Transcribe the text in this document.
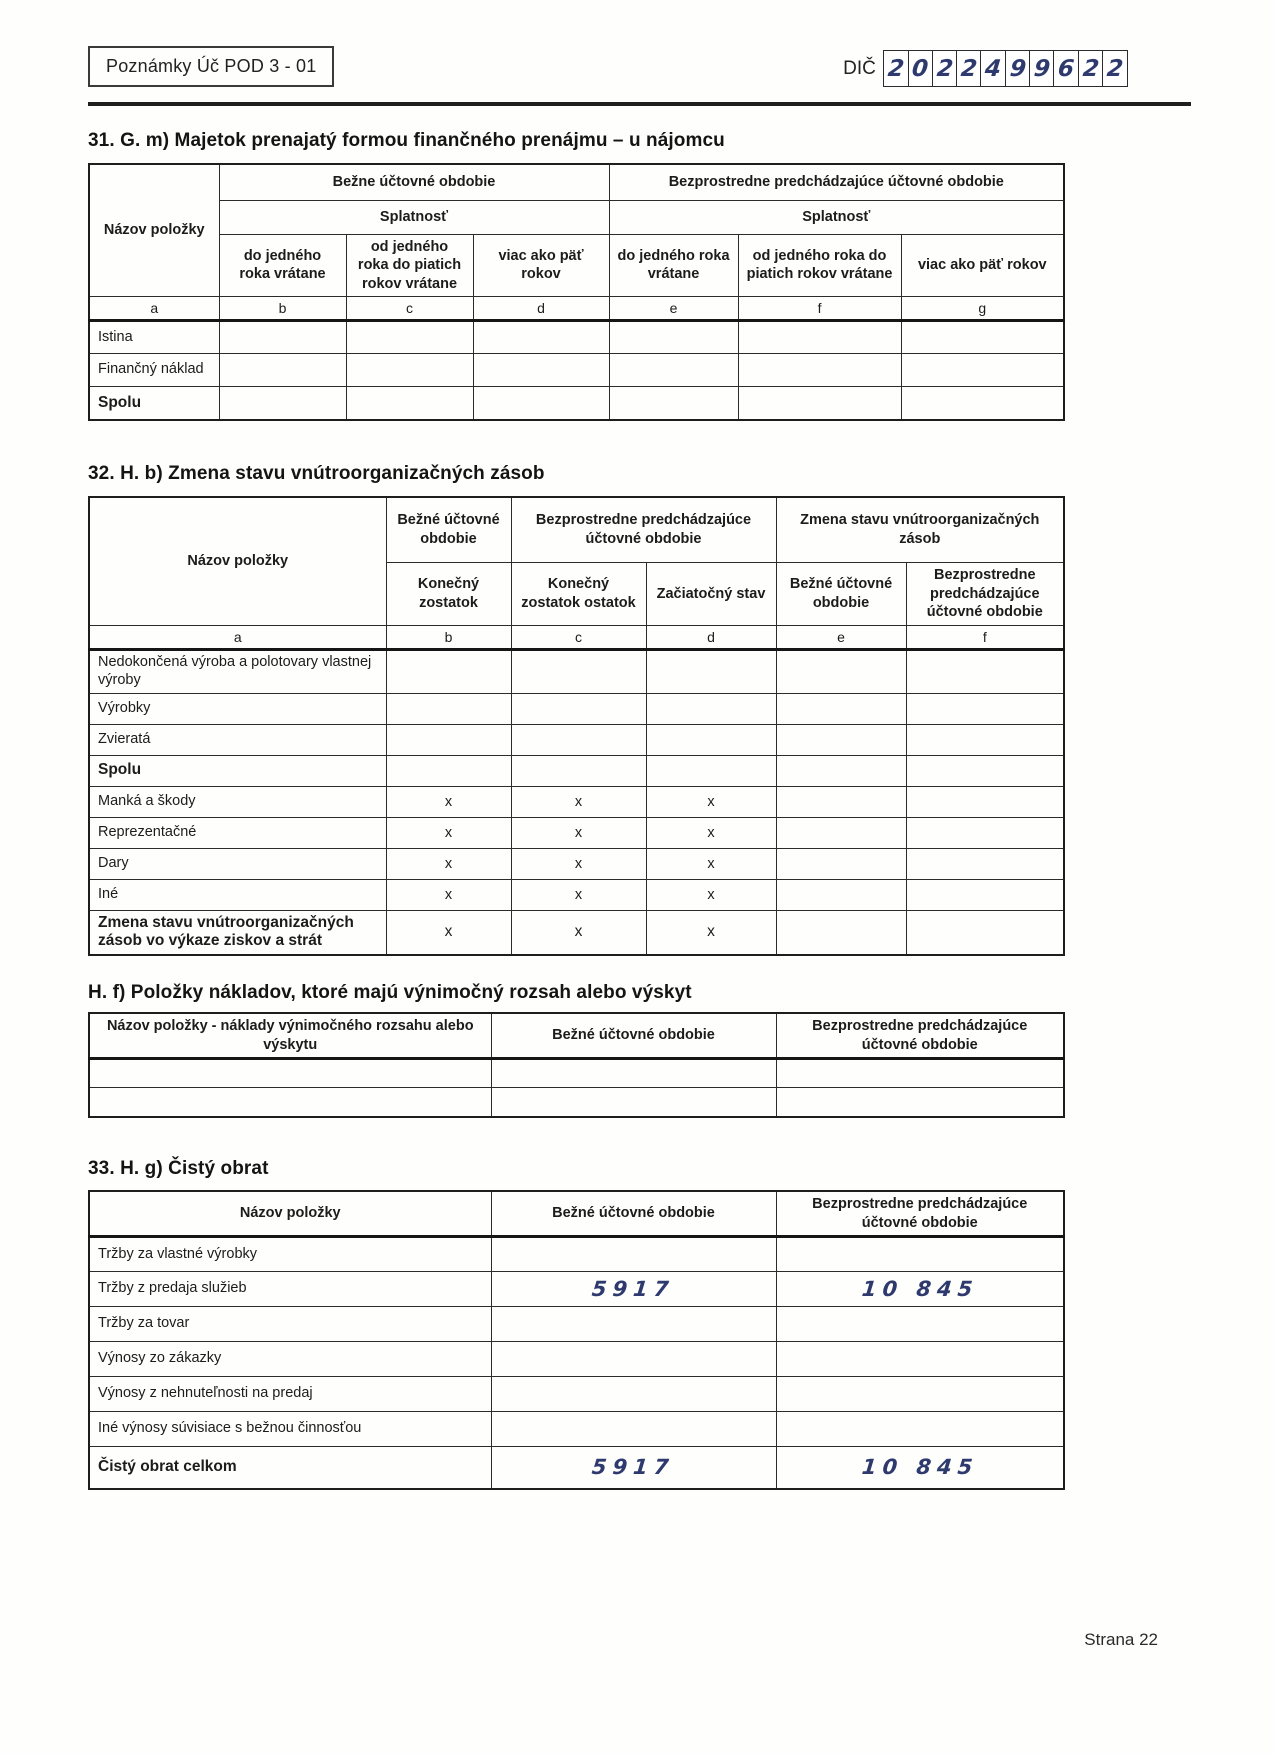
Poznámky Úč POD 3 - 01	DIČ 2 0 2 2 4 9 9 6 2 2
31. G. m) Majetok prenajatý formou finančného prenájmu – u nájomcu
Názov položky	Bežne účtovné obdobie			Bezprostredne predchádzajúce účtovné obdobie		
	Splatnosť			Splatnosť		
	do jedného roka vrátane	od jedného roka do piatich rokov vrátane	viac ako päť rokov	do jedného roka vrátane	od jedného roka do piatich rokov vrátane	viac ako päť rokov
a	b	c	d	e	f	g
Istina						
Finančný náklad						
Spolu						
32. H. b) Zmena stavu vnútroorganizačných zásob
Názov položky	Bežné účtovné obdobie	Bezprostredne predchádzajúce účtovné obdobie		Zmena stavu vnútroorganizačných zásob	
	Konečný zostatok	Konečný zostatok ostatok	Začiatočný stav	Bežné účtovné obdobie	Bezprostredne predchádzajúce účtovné obdobie
a	b	c	d	e	f
Nedokončená výroba a polotovary vlastnej výroby					
Výrobky					
Zvieratá					
Spolu					
Manká a škody	x	x	x		
Reprezentačné	x	x	x		
Dary	x	x	x		
Iné	x	x	x		
Zmena stavu vnútroorganizačných zásob vo výkaze ziskov a strát	x	x	x		
H. f) Položky nákladov, ktoré majú výnimočný rozsah alebo výskyt
Názov položky - náklady výnimočného rozsahu alebo výskytu	Bežné účtovné obdobie	Bezprostredne predchádzajúce účtovné obdobie

33. H. g) Čistý obrat
Názov položky	Bežné účtovné obdobie	Bezprostredne predchádzajúce účtovné obdobie
Tržby za vlastné výrobky		
Tržby z predaja služieb	5917	10 845
Tržby za tovar		
Výnosy zo zákazky		
Výnosy z nehnuteľnosti na predaj		
Iné výnosy súvisiace s bežnou činnosťou		
Čistý obrat celkom	5917	10 845
Strana 22
